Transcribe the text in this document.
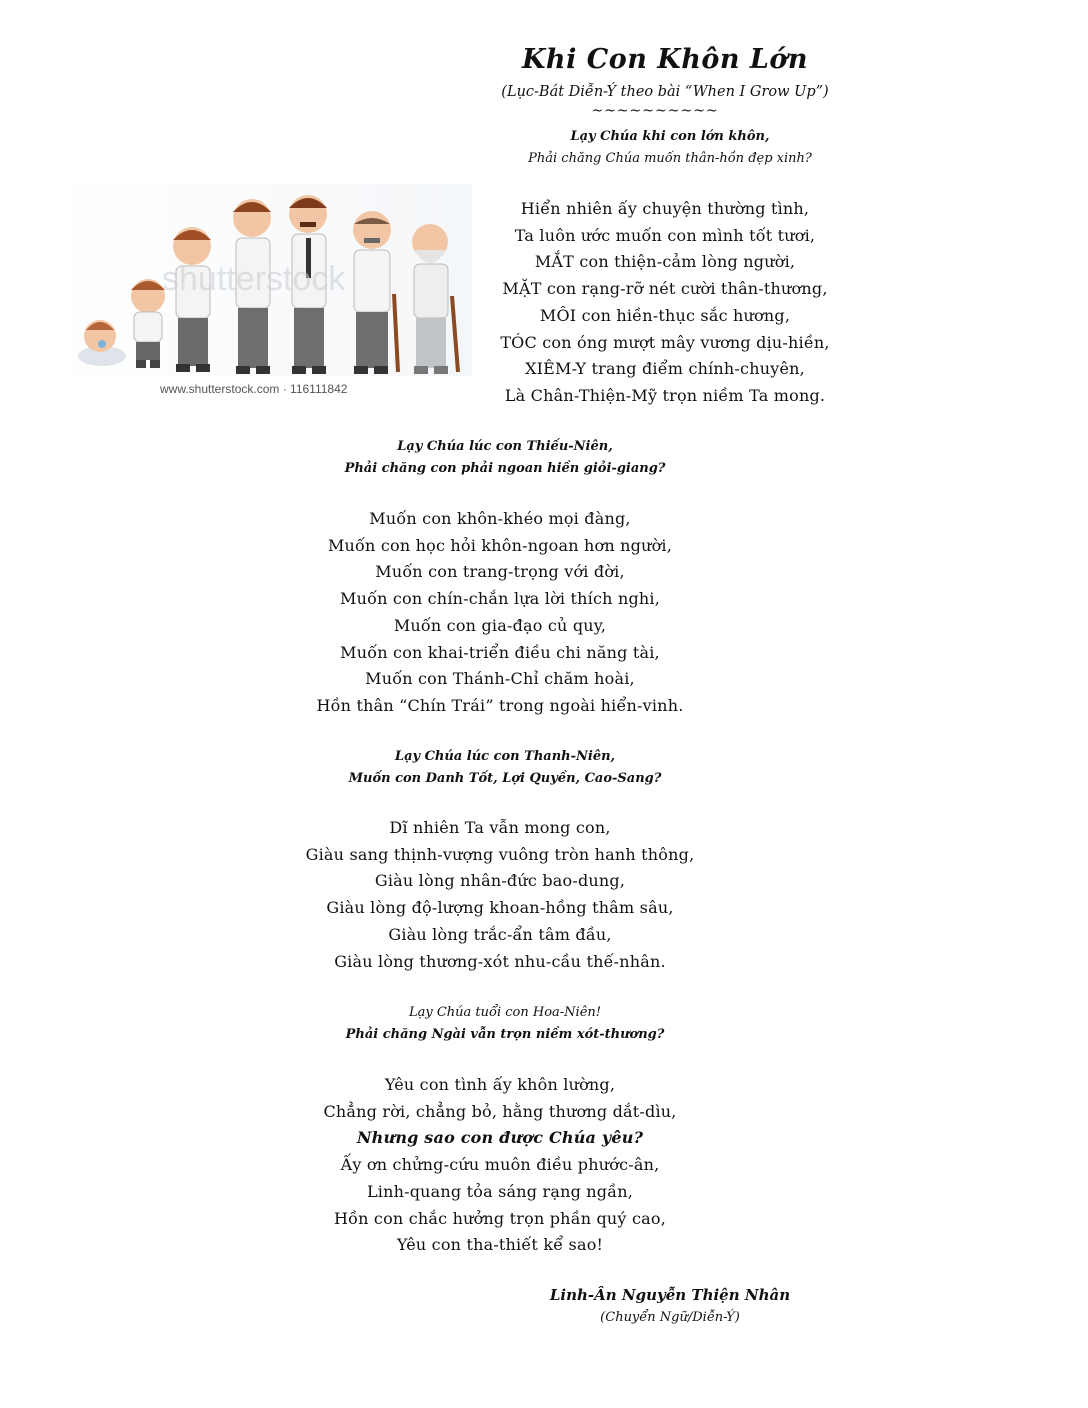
Khi Con Khôn Lớn
(Lục-Bát Diễn-Ý theo bài “When I Grow Up”)
~~~~~~~~~~
shutterstock
www.shutterstock.com · 116111842
Lạy Chúa khi con lớn khôn,
Phải chăng Chúa muốn thân-hồn đẹp xinh?
Hiển nhiên ấy chuyện thường tình,
Ta luôn ước muốn con mình tốt tươi,
MẮT con thiện-cảm lòng người,
MẶT con rạng-rỡ nét cười thân-thương,
MÔI con hiền-thục sắc hương,
TÓC con óng mượt mây vương dịu-hiền,
XIÊM-Y trang điểm chính-chuyên,
Là Chân-Thiện-Mỹ trọn niềm Ta mong.
Lạy Chúa lúc con Thiếu-Niên,
Phải chăng con phải ngoan hiền giỏi-giang?
Muốn con khôn-khéo mọi đàng,
Muốn con học hỏi khôn-ngoan hơn người,
Muốn con trang-trọng với đời,
Muốn con chín-chắn lựa lời thích nghi,
Muốn con gia-đạo củ quy,
Muốn con khai-triển điều chi năng tài,
Muốn con Thánh-Chỉ chăm hoài,
Hồn thân “Chín Trái” trong ngoài hiển-vinh.
Lạy Chúa lúc con Thanh-Niên,
Muốn con Danh Tốt, Lợi Quyền, Cao-Sang?
Dĩ nhiên Ta vẫn mong con,
Giàu sang thịnh-vượng vuông tròn hanh thông,
Giàu lòng nhân-đức bao-dung,
Giàu lòng độ-lượng khoan-hồng thâm sâu,
Giàu lòng trắc-ẩn tâm đầu,
Giàu lòng thương-xót nhu-cầu thế-nhân.
Lạy Chúa tuổi con Hoa-Niên!
Phải chăng Ngài vẫn trọn niềm xót-thương?
Yêu con tình ấy khôn lường,
Chẳng rời, chẳng bỏ, hằng thương dắt-dìu,
Nhưng sao con được Chúa yêu?
Ấy ơn chửng-cứu muôn điều phước-ân,
Linh-quang tỏa sáng rạng ngần,
Hồn con chắc hưởng trọn phần quý cao,
Yêu con tha-thiết kể sao!
Linh-Ân Nguyễn Thiện Nhân
(Chuyển Ngữ/Diễn-Ý)
